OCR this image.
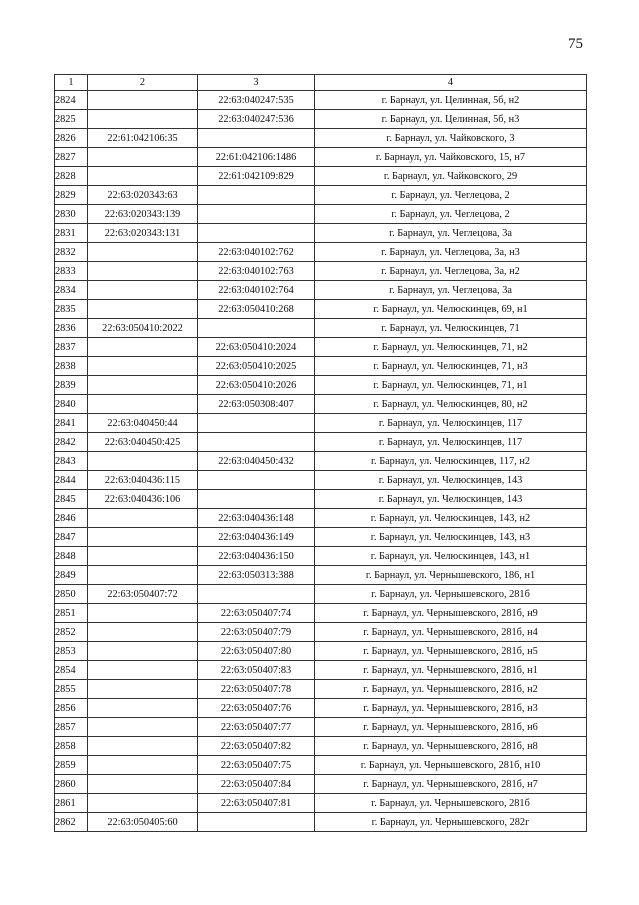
75
1	2	3	4
2824		22:63:040247:535	г. Барнаул, ул. Целинная, 5б, н2
2825		22:63:040247:536	г. Барнаул, ул. Целинная, 5б, н3
2826	22:61:042106:35		г. Барнаул, ул. Чайковского, 3
2827		22:61:042106:1486	г. Барнаул, ул. Чайковского, 15, н7
2828		22:61:042109:829	г. Барнаул, ул. Чайковского, 29
2829	22:63:020343:63		г. Барнаул, ул. Чеглецова, 2
2830	22:63:020343:139		г. Барнаул, ул. Чеглецова, 2
2831	22:63:020343:131		г. Барнаул, ул. Чеглецова, 3а
2832		22:63:040102:762	г. Барнаул, ул. Чеглецова, 3а, н3
2833		22:63:040102:763	г. Барнаул, ул. Чеглецова, 3а, н2
2834		22:63:040102:764	г. Барнаул, ул. Чеглецова, 3а
2835		22:63:050410:268	г. Барнаул, ул. Челюскинцев, 69, н1
2836	22:63:050410:2022		г. Барнаул, ул. Челюскинцев, 71
2837		22:63:050410:2024	г. Барнаул, ул. Челюскинцев, 71, н2
2838		22:63:050410:2025	г. Барнаул, ул. Челюскинцев, 71, н3
2839		22:63:050410:2026	г. Барнаул, ул. Челюскинцев, 71, н1
2840		22:63:050308:407	г. Барнаул, ул. Челюскинцев, 80, н2
2841	22:63:040450:44		г. Барнаул, ул. Челюскинцев, 117
2842	22:63:040450:425		г. Барнаул, ул. Челюскинцев, 117
2843		22:63:040450:432	г. Барнаул, ул. Челюскинцев, 117, н2
2844	22:63:040436:115		г. Барнаул, ул. Челюскинцев, 143
2845	22:63:040436:106		г. Барнаул, ул. Челюскинцев, 143
2846		22:63:040436:148	г. Барнаул, ул. Челюскинцев, 143, н2
2847		22:63:040436:149	г. Барнаул, ул. Челюскинцев, 143, н3
2848		22:63:040436:150	г. Барнаул, ул. Челюскинцев, 143, н1
2849		22:63:050313:388	г. Барнаул, ул. Чернышевского, 186, н1
2850	22:63:050407:72		г. Барнаул, ул. Чернышевского, 281б
2851		22:63:050407:74	г. Барнаул, ул. Чернышевского, 281б, н9
2852		22:63:050407:79	г. Барнаул, ул. Чернышевского, 281б, н4
2853		22:63:050407:80	г. Барнаул, ул. Чернышевского, 281б, н5
2854		22:63:050407:83	г. Барнаул, ул. Чернышевского, 281б, н1
2855		22:63:050407:78	г. Барнаул, ул. Чернышевского, 281б, н2
2856		22:63:050407:76	г. Барнаул, ул. Чернышевского, 281б, н3
2857		22:63:050407:77	г. Барнаул, ул. Чернышевского, 281б, н6
2858		22:63:050407:82	г. Барнаул, ул. Чернышевского, 281б, н8
2859		22:63:050407:75	г. Барнаул, ул. Чернышевского, 281б, н10
2860		22:63:050407:84	г. Барнаул, ул. Чернышевского, 281б, н7
2861		22:63:050407:81	г. Барнаул, ул. Чернышевского, 281б
2862	22:63:050405:60		г. Барнаул, ул. Чернышевского, 282г
